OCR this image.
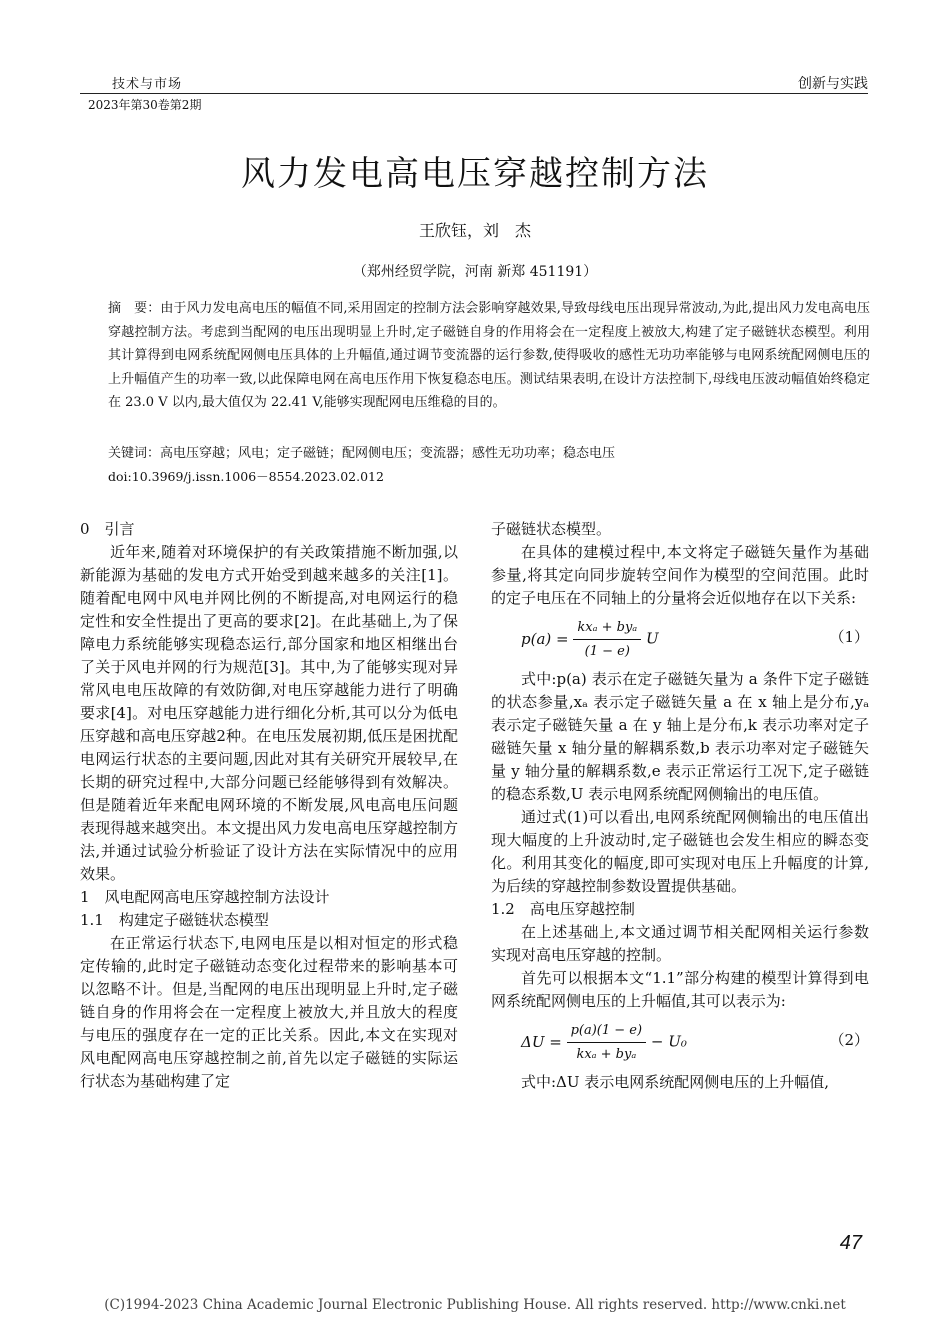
技术与市场	创新与实践
2023年第30卷第2期
风力发电高电压穿越控制方法
王欣钰，刘　杰
（郑州经贸学院，河南 新郑 451191）
摘　要：由于风力发电高电压的幅值不同,采用固定的控制方法会影响穿越效果,导致母线电压出现异常波动,为此,提出风力发电高电压穿越控制方法。考虑到当配网的电压出现明显上升时,定子磁链自身的作用将会在一定程度上被放大,构建了定子磁链状态模型。利用其计算得到电网系统配网侧电压具体的上升幅值,通过调节变流器的运行参数,使得吸收的感性无功功率能够与电网系统配网侧电压的上升幅值产生的功率一致,以此保障电网在高电压作用下恢复稳态电压。测试结果表明,在设计方法控制下,母线电压波动幅值始终稳定在 23.0 V 以内,最大值仅为 22.41 V,能够实现配网电压维稳的目的。
关键词：高电压穿越；风电；定子磁链；配网侧电压；变流器；感性无功功率；稳态电压
doi:10.3969/j.issn.1006－8554.2023.02.012

0　引言

近年来,随着对环境保护的有关政策措施不断加强,以新能源为基础的发电方式开始受到越来越多的关注[1]。随着配电网中风电并网比例的不断提高,对电网运行的稳定性和安全性提出了更高的要求[2]。在此基础上,为了保障电力系统能够实现稳态运行,部分国家和地区相继出台了关于风电并网的行为规范[3]。其中,为了能够实现对异常风电电压故障的有效防御,对电压穿越能力进行了明确要求[4]。对电压穿越能力进行细化分析,其可以分为低电压穿越和高电压穿越2种。在电压发展初期,低压是困扰配电网运行状态的主要问题,因此对其有关研究开展较早,在长期的研究过程中,大部分问题已经能够得到有效解决。但是随着近年来配电网环境的不断发展,风电高电压问题表现得越来越突出。本文提出风力发电高电压穿越控制方法,并通过试验分析验证了设计方法在实际情况中的应用效果。

1　风电配网高电压穿越控制方法设计

1.1　构建定子磁链状态模型

在正常运行状态下,电网电压是以相对恒定的形式稳定传输的,此时定子磁链动态变化过程带来的影响基本可以忽略不计。但是,当配网的电压出现明显上升时,定子磁链自身的作用将会在一定程度上被放大,并且放大的程度与电压的强度存在一定的正比关系。因此,本文在实现对风电配网高电压穿越控制之前,首先以定子磁链的实际运行状态为基础构建了定

子磁链状态模型。

在具体的建模过程中,本文将定子磁链矢量作为基础参量,将其定向同步旋转空间作为模型的空间范围。此时的定子电压在不同轴上的分量将会近似地存在以下关系:

$p(a) = \frac{\text{kxₐ + byₐ}}{(1 - e)}$ U	（1）

式中:p(a) 表示在定子磁链矢量为 a 条件下定子磁链的状态参量,xₐ 表示定子磁链矢量 a 在 x 轴上是分布,yₐ 表示定子磁链矢量 a 在 y 轴上是分布,k 表示功率对定子磁链矢量 x 轴分量的解耦系数,b 表示功率对定子磁链矢量 y 轴分量的解耦系数,e 表示正常运行工况下,定子磁链的稳态系数,U 表示电网系统配网侧输出的电压值。

通过式(1)可以看出,电网系统配网侧输出的电压值出现大幅度的上升波动时,定子磁链也会发生相应的瞬态变化。利用其变化的幅度,即可实现对电压上升幅度的计算,为后续的穿越控制参数设置提供基础。

1.2　高电压穿越控制

在上述基础上,本文通过调节相关配网相关运行参数实现对高电压穿越的控制。

首先可以根据本文“1.1”部分构建的模型计算得到电网系统配网侧电压的上升幅值,其可以表示为:

$\Delta U = \frac{p(a)(1 - e)}{\text{kxₐ + byₐ}} - U_0$	（2）

式中:ΔU 表示电网系统配网侧电压的上升幅值,

47
(C)1994-2023 China Academic Journal Electronic Publishing House. All rights reserved. http://www.cnki.net
